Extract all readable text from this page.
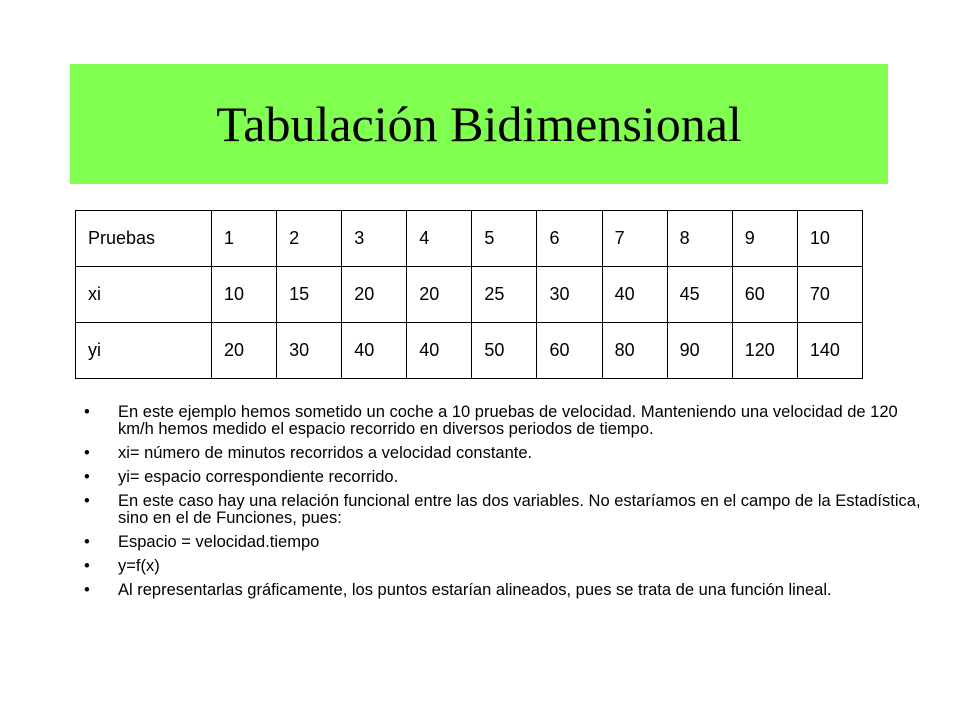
Tabulación Bidimensional
Pruebas	1	2	3	4	5	6	7	8	9	10
xi	10	15	20	20	25	30	40	45	60	70
yi	20	30	40	40	50	60	80	90	120	140
• En este ejemplo hemos sometido un coche a 10 pruebas de velocidad. Manteniendo una velocidad de 120 km/h hemos medido el espacio recorrido en diversos periodos de tiempo.
• xi= número de minutos recorridos a velocidad constante.
• yi= espacio correspondiente recorrido.
• En este caso hay una relación funcional entre las dos variables. No estaríamos en el campo de la Estadística, sino en el de Funciones, pues:
• Espacio = velocidad.tiempo
• y=f(x)
• Al representarlas gráficamente, los puntos estarían alineados, pues se trata de una función lineal.
